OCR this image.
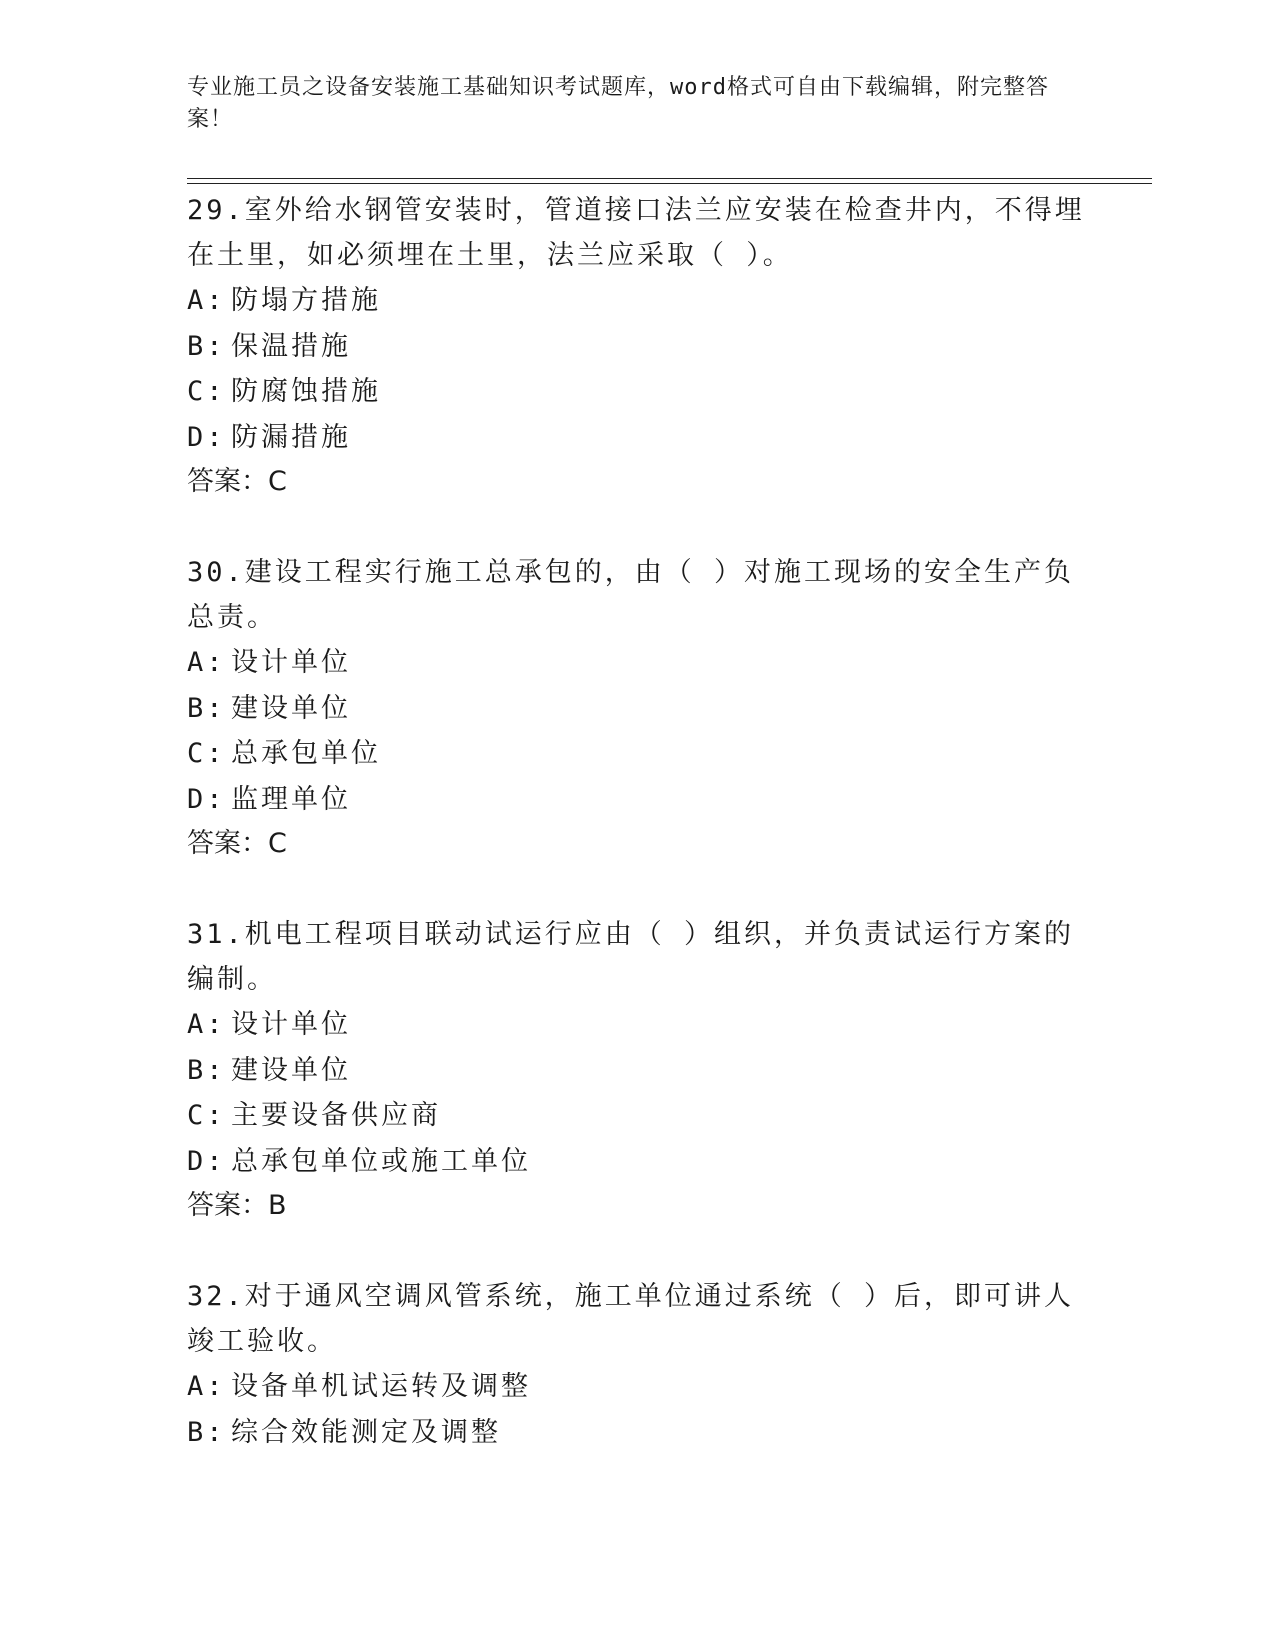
专业施工员之设备安装施工基础知识考试题库，word格式可自由下载编辑，附完整答案！

29.室外给水钢管安装时，管道接口法兰应安装在检查井内，不得埋在土里，如必须埋在土里，法兰应采取（ ）。

A: 防塌方措施

B: 保温措施

C: 防腐蚀措施

D: 防漏措施

答案：C

30.建设工程实行施工总承包的，由（ ）对施工现场的安全生产负总责。

A: 设计单位

B: 建设单位

C: 总承包单位

D: 监理单位

答案：C

31.机电工程项目联动试运行应由（ ）组织，并负责试运行方案的编制。

A: 设计单位

B: 建设单位

C: 主要设备供应商

D: 总承包单位或施工单位

答案：B

32.对于通风空调风管系统，施工单位通过系统（ ）后，即可讲人竣工验收。

A: 设备单机试运转及调整

B: 综合效能测定及调整
